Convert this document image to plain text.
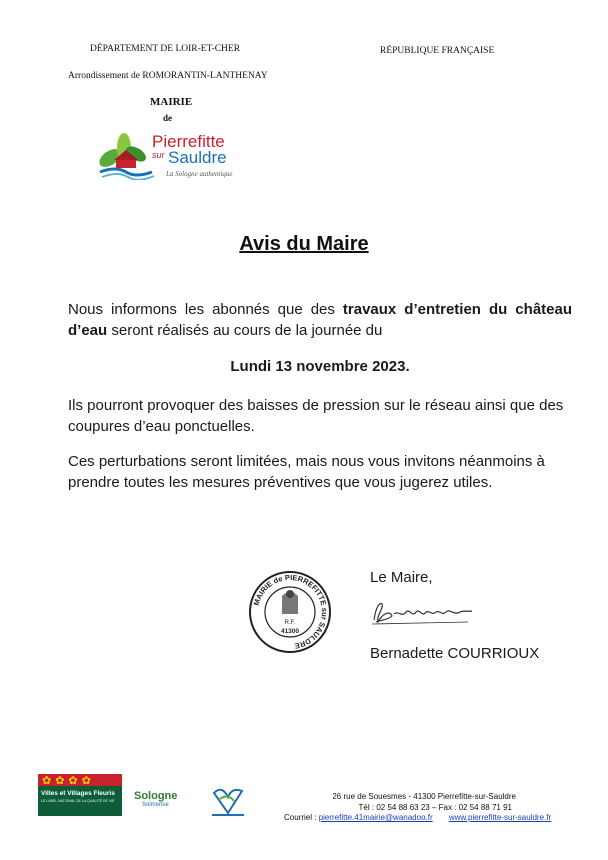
DÉPARTEMENT DE LOIR-ET-CHER	RÉPUBLIQUE FRANÇAISE
Arrondissement de ROMORANTIN-LANTHENAY
MAIRIE
de
Pierrefitte
sur Sauldre
La Sologne authentique
Avis du Maire
Nous informons les abonnés que des travaux d’entretien du château d’eau seront réalisés au cours de la journée du
Lundi 13 novembre 2023.
Ils pourront provoquer des baisses de pression sur le réseau ainsi que des coupures d’eau ponctuelles.
Ces perturbations seront limitées, mais nous vous invitons néanmoins à prendre toutes les mesures préventives que vous jugerez utiles.
Le Maire,
MAIRIE de PIERREFITTE sur SAULDRE
R.F.
41300
Bernadette COURRIOUX
✿✿✿✿
Villes et Villages Fleuris
LE LABEL NATIONAL DE LA QUALITÉ DE VIE	Sologne
Solmense
26 rue de Souesmes - 41300 Pierrefitte-sur-Sauldre
Tél : 02 54 88 63 23 – Fax : 02 54 88 71 91
Courriel : pierrefitte.41mairie@wanadoo.fr www.pierrefitte-sur-sauldre.fr
